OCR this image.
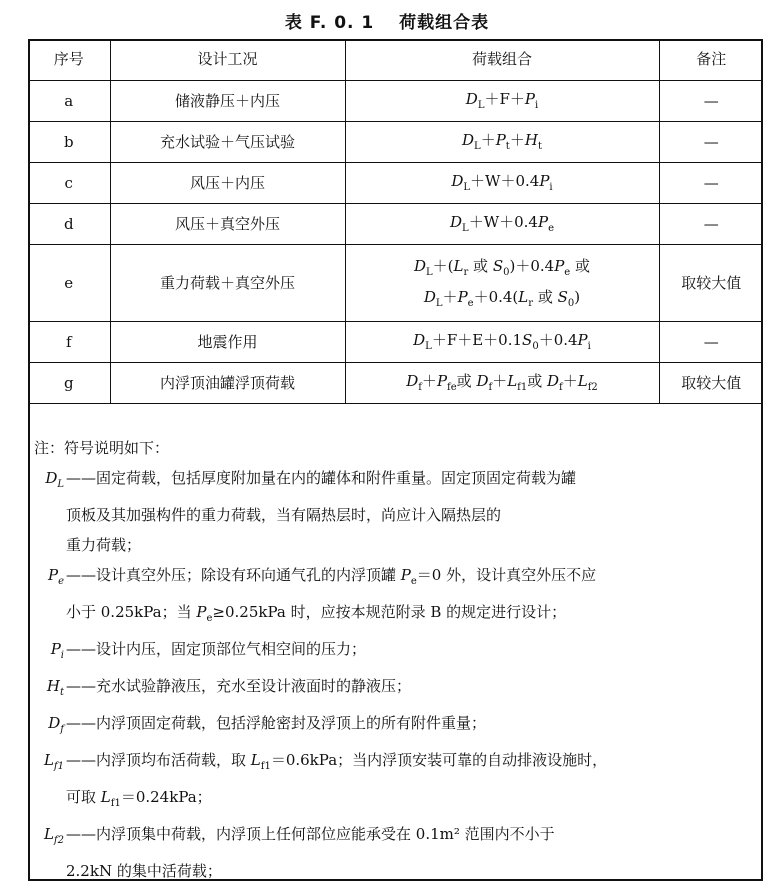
表 F. 0. 1　 荷载组合表
序号	设计工况	荷载组合	备注
a	储液静压＋内压	$D_L+F+P_i$	—
b	充水试验＋气压试验	$D_L+P_t+H_t$	—
c	风压＋内压	$D_L+W+0.4P_i$	—
d	风压＋真空外压	$D_L+W+0.4P_e$	—
e	重力荷载＋真空外压	$D_L+(L_r$ 或 $S_0)+0.4P_e$ 或
$D_L+P_e+0.4(L_r$ 或 $S_0$)	取较大值
f	地震作用	$D_L+F+E+0.1S_0+0.4P_i$	—
g	内浮顶油罐浮顶荷载	$D_f+P_{fe}$或 $D_f+L_{f1}$或 $D_f+L_{f2}$	取较大值
注：符号说明如下：
$D_L$ ——固定荷载，包括厚度附加量在内的罐体和附件重量。固定顶固定荷载为罐
顶板及其加强构件的重力荷载，当有隔热层时，尚应计入隔热层的
重力荷载；
$P_e$ ——设计真空外压；除设有环向通气孔的内浮顶罐 $P_e=0$ 外，设计真空外压不应
小于 0.25kPa；当 $P_e\ge 0.25kPa$ 时，应按本规范附录 B 的规定进行设计；
$P_i$ ——设计内压，固定顶部位气相空间的压力；
$H_t$ ——充水试验静液压，充水至设计液面时的静液压；
$D_f$ ——内浮顶固定荷载，包括浮舱密封及浮顶上的所有附件重量；
$L_{f1}$ ——内浮顶均布活荷载，取 $L_{f1}=0.6kPa$；当内浮顶安装可靠的自动排液设施时，
可取 $L_{f1}=0.24kPa$；
$L_{f2}$ ——内浮顶集中荷载，内浮顶上任何部位应能承受在 0.1m² 范围内不小于
2.2kN 的集中活荷载；
